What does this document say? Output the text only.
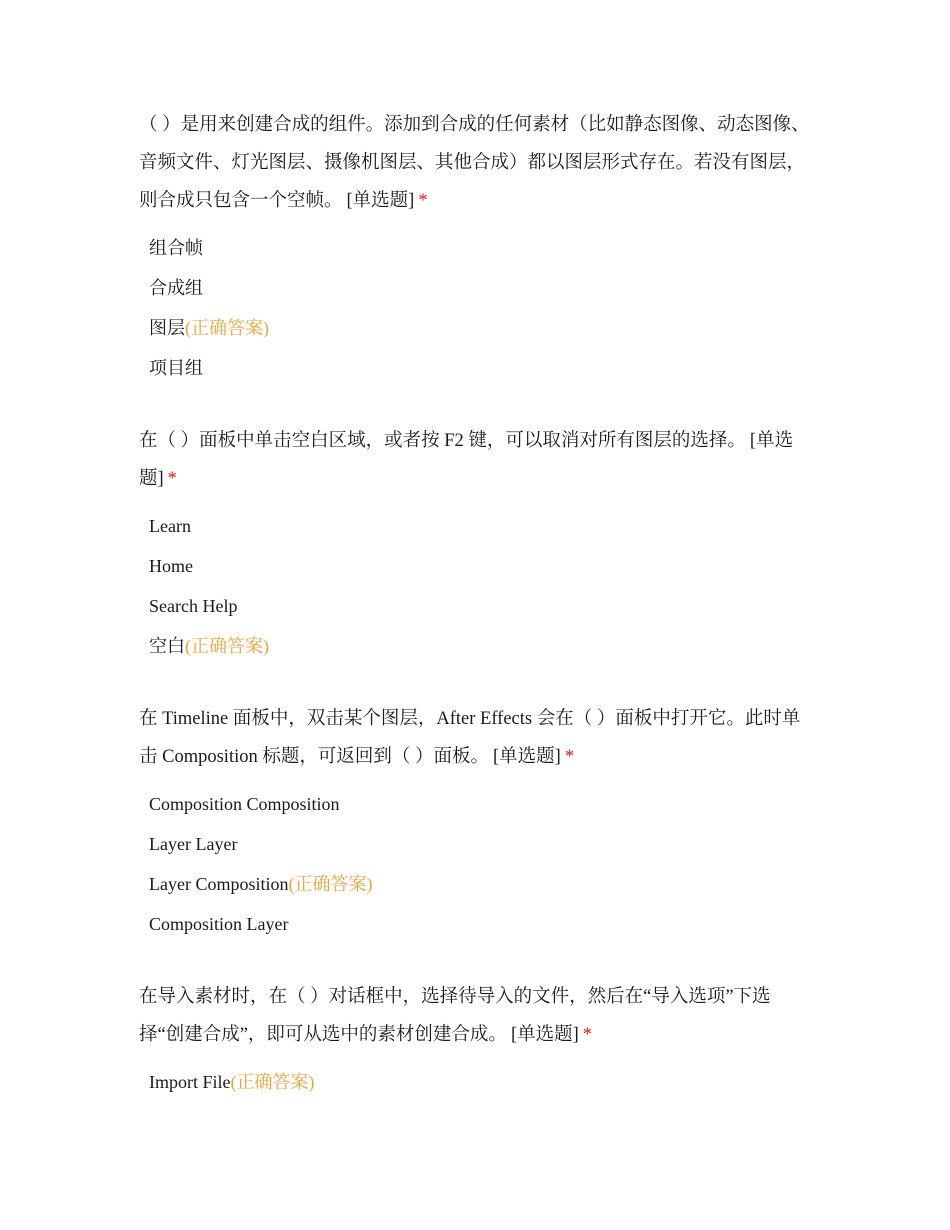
（ ）是用来创建合成的组件。添加到合成的任何素材（比如静态图像、动态图像、音频文件、灯光图层、摄像机图层、其他合成）都以图层形式存在。若没有图层，则合成只包含一个空帧。 [单选题] *

组合帧
合成组
图层(正确答案)
项目组

在（ ）面板中单击空白区域，或者按 F2 键，可以取消对所有图层的选择。 [单选题] *

Learn
Home
Search Help
空白(正确答案)

在 Timeline 面板中，双击某个图层，After Effects 会在（ ）面板中打开它。此时单击 Composition 标题，可返回到（ ）面板。 [单选题] *

Composition Composition
Layer Layer
Layer Composition(正确答案)
Composition Layer

在导入素材时，在（ ）对话框中，选择待导入的文件，然后在“导入选项”下选择“创建合成”，即可从选中的素材创建合成。 [单选题] *

Import File(正确答案)
